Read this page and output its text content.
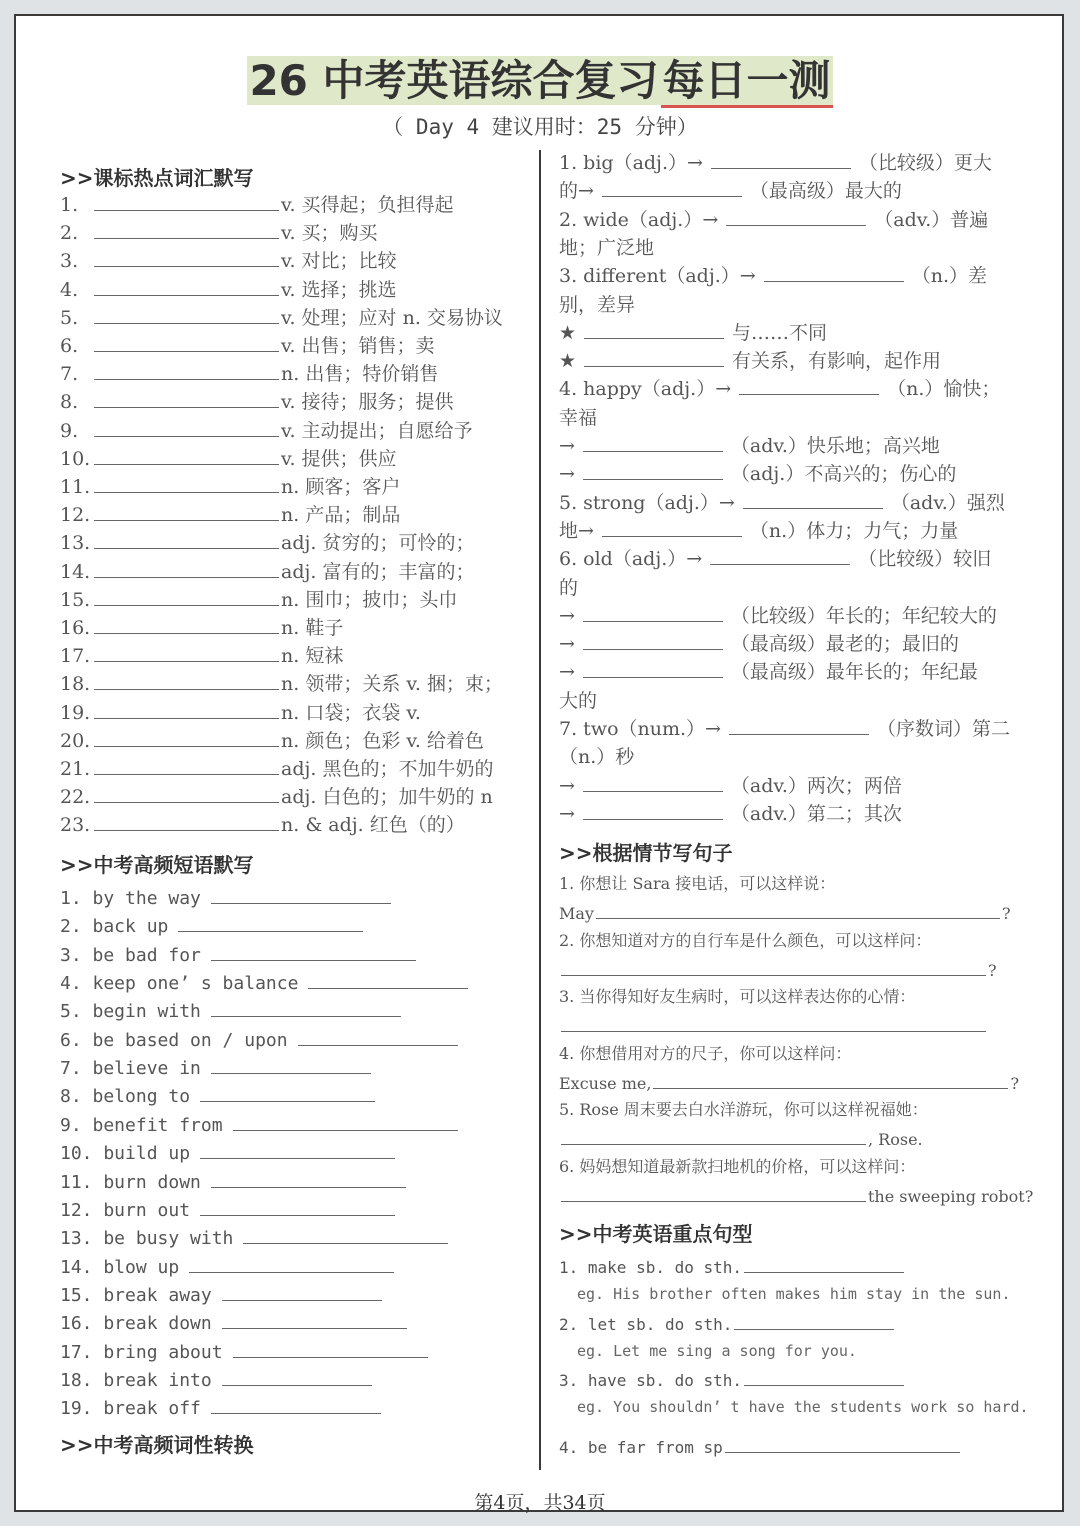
26 中考英语综合复习每日一测
（ Day 4 建议用时：25 分钟）
>>课标热点词汇默写
1.	v. 买得起；负担得起
2.	v. 买；购买
3.	v. 对比；比较
4.	v. 选择；挑选
5.	v. 处理；应对 n. 交易协议
6.	v. 出售；销售；卖
7.	n. 出售；特价销售
8.	v. 接待；服务；提供
9.	v. 主动提出；自愿给予
10.	v. 提供；供应
11.	n. 顾客；客户
12.	n. 产品；制品
13.	adj. 贫穷的；可怜的；
14.	adj. 富有的；丰富的；
15.	n. 围巾；披巾；头巾
16.	n. 鞋子
17.	n. 短袜
18.	n. 领带；关系 v. 捆；束；
19.	n. 口袋；衣袋 v.
20.	n. 颜色；色彩 v. 给着色
21.	adj. 黑色的；不加牛奶的
22.	adj. 白色的；加牛奶的 n
23.	n. & adj. 红色（的）
>>中考高频短语默写
1. by the way
2. back up
3. be bad for
4. keep one’ s balance
5. begin with
6. be based on / upon
7. believe in
8. belong to
9. benefit from
10. build up
11. burn down
12. burn out
13. be busy with
14. blow up
15. break away
16. break down
17. bring about
18. break into
19. break off
>>中考高频词性转换
1. big（adj.）→	（比较级）更大
的→	（最高级）最大的
2. wide（adj.）→	（adv.）普遍
地；广泛地
3. different（adj.）→	（n.）差
别，差异
★	与……不同
★	有关系，有影响，起作用
4. happy（adj.）→	（n.）愉快；
幸福
→	（adv.）快乐地；高兴地
→	（adj.）不高兴的；伤心的
5. strong（adj.）→	（adv.）强烈
地→	（n.）体力；力气；力量
6. old（adj.）→	（比较级）较旧
的
→	（比较级）年长的；年纪较大的
→	（最高级）最老的；最旧的
→	（最高级）最年长的；年纪最
大的
7. two（num.）→	（序数词）第二
（n.）秒
→	（adv.）两次；两倍
→	（adv.）第二；其次
>>根据情节写句子
1. 你想让 Sara 接电话，可以这样说：
May	?
2. 你想知道对方的自行车是什么颜色，可以这样问：
?
3. 当你得知好友生病时，可以这样表达你的心情：
4. 你想借用对方的尺子，你可以这样问：
Excuse me,	?
5. Rose 周末要去白水洋游玩，你可以这样祝福她：
, Rose.
6. 妈妈想知道最新款扫地机的价格，可以这样问：
the sweeping robot?
>>中考英语重点句型
1. make sb. do sth.
eg. His brother often makes him stay in the sun.
2. let sb. do sth.
eg. Let me sing a song for you.
3. have sb. do sth.
eg. You shouldn’ t have the students work so hard.
4. be far from sp
第4页，共34页
